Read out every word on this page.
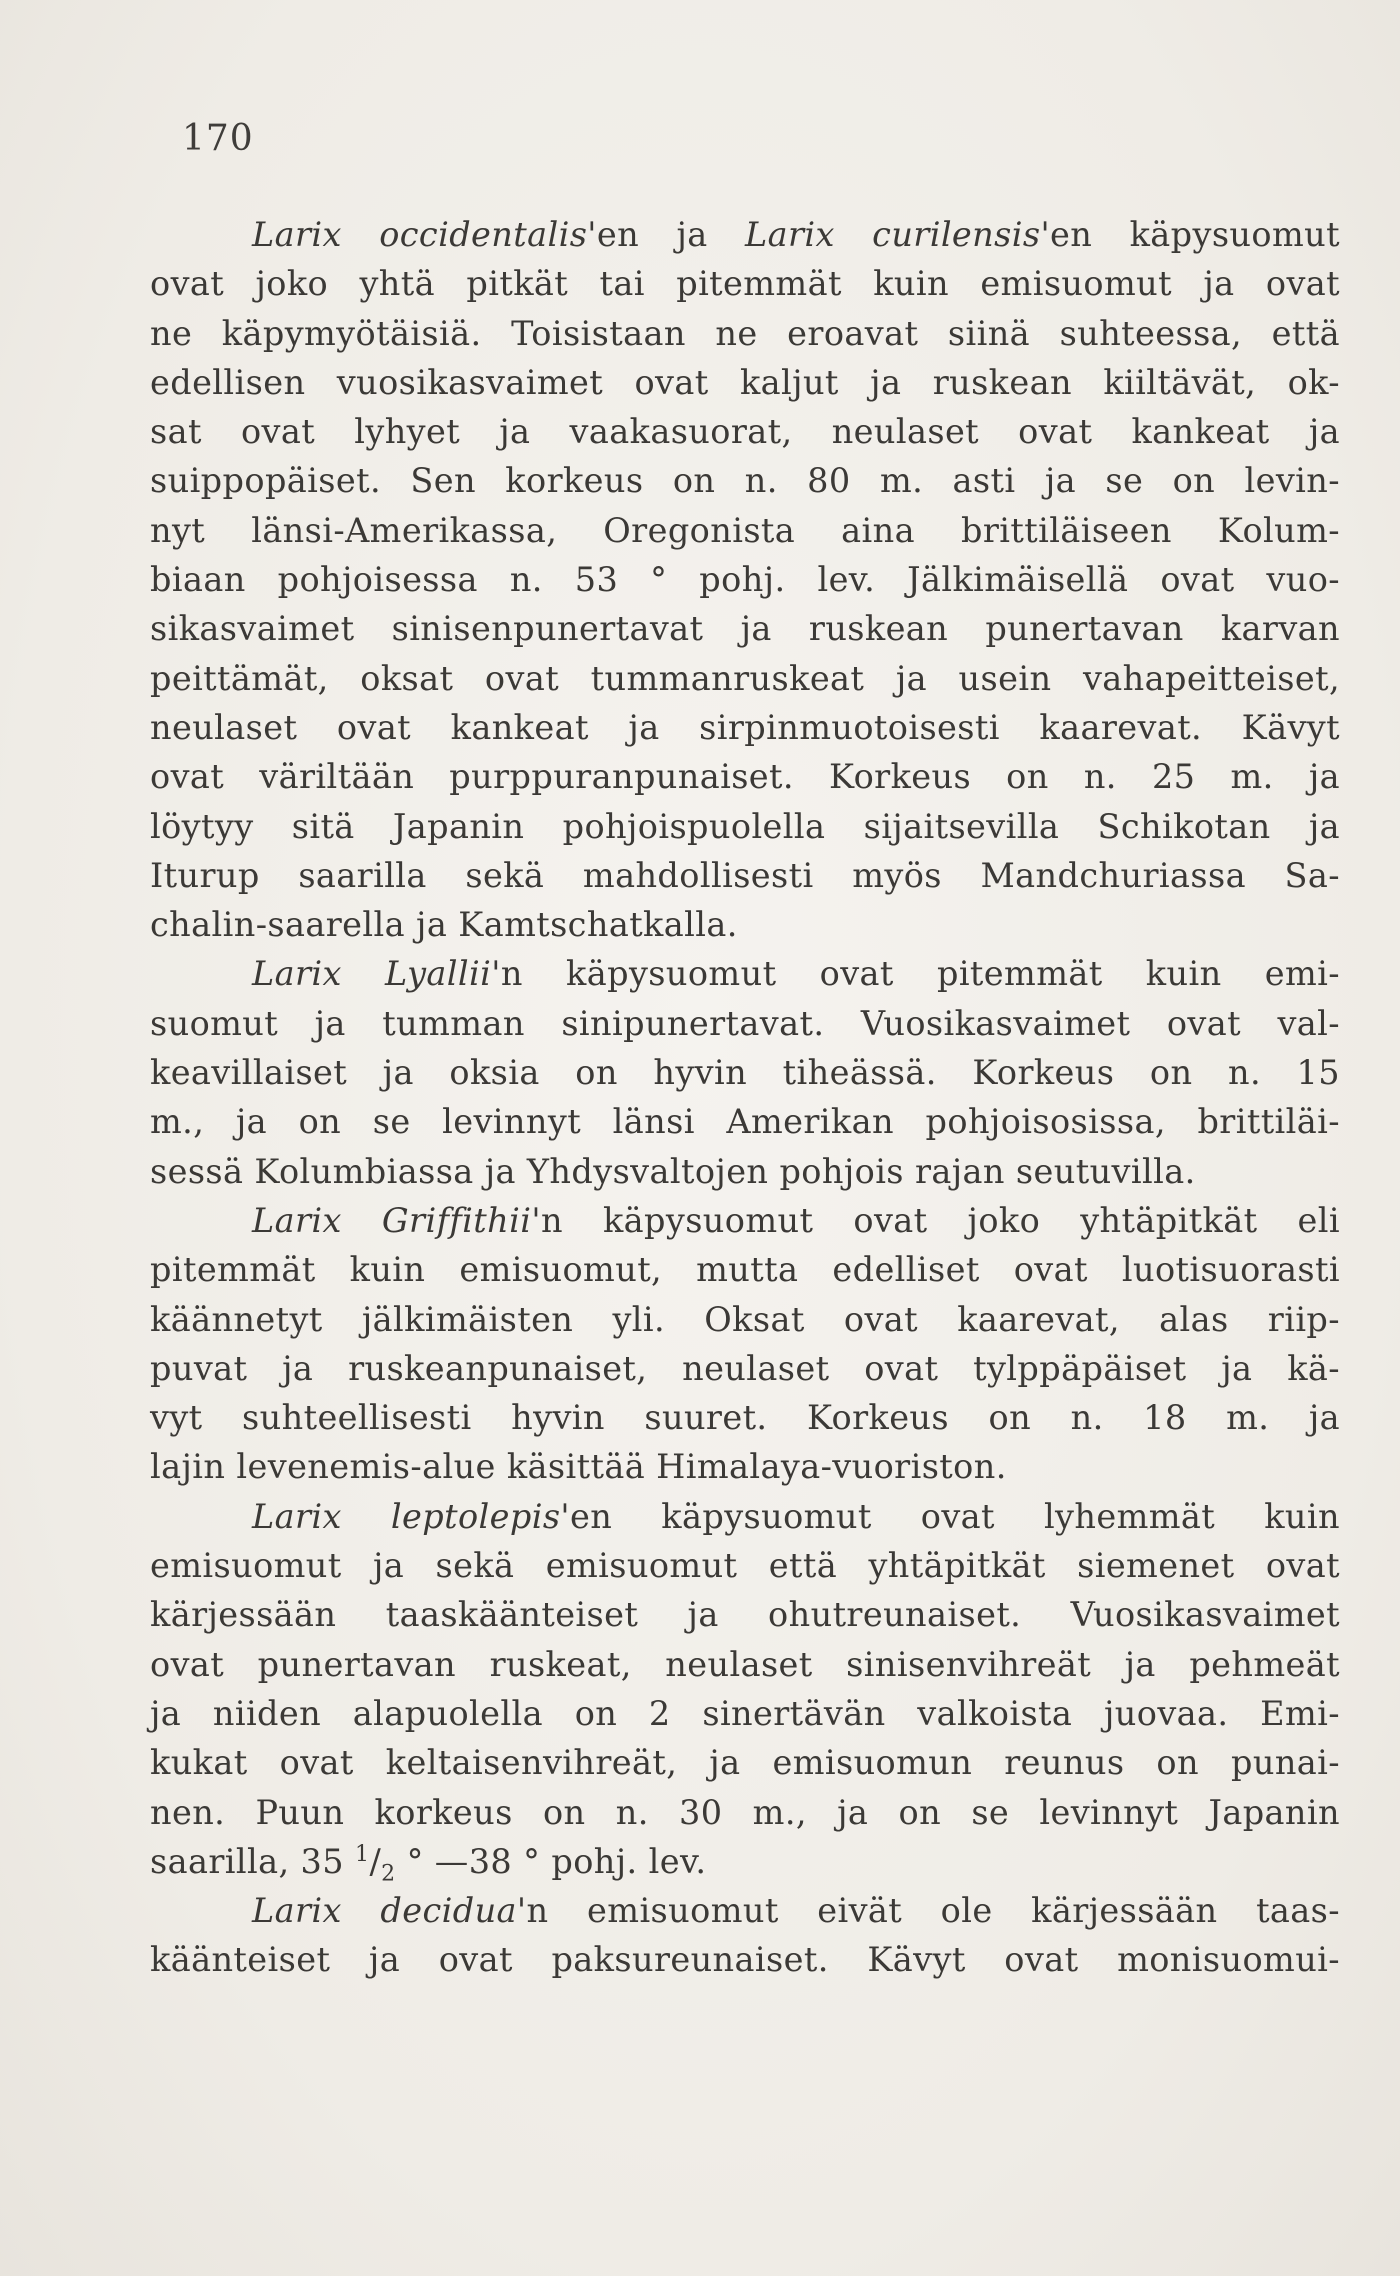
170
Larix occidentalis'en ja Larix curilensis'en käpysuomut
ovat joko yhtä pitkät tai pitemmät kuin emisuomut ja ovat
ne käpymyötäisiä. Toisistaan ne eroavat siinä suhteessa, että
edellisen vuosikasvaimet ovat kaljut ja ruskean kiiltävät, ok-
sat ovat lyhyet ja vaakasuorat, neulaset ovat kankeat ja
suippopäiset. Sen korkeus on n. 80 m. asti ja se on levin-
nyt länsi-Amerikassa, Oregonista aina brittiläiseen Kolum-
biaan pohjoisessa n. 53 ° pohj. lev. Jälkimäisellä ovat vuo-
sikasvaimet sinisenpunertavat ja ruskean punertavan karvan
peittämät, oksat ovat tummanruskeat ja usein vahapeitteiset,
neulaset ovat kankeat ja sirpinmuotoisesti kaarevat. Kävyt
ovat väriltään purppuranpunaiset. Korkeus on n. 25 m. ja
löytyy sitä Japanin pohjoispuolella sijaitsevilla Schikotan ja
Iturup saarilla sekä mahdollisesti myös Mandchuriassa Sa-
chalin-saarella ja Kamtschatkalla.
Larix Lyallii'n käpysuomut ovat pitemmät kuin emi-
suomut ja tumman sinipunertavat. Vuosikasvaimet ovat val-
keavillaiset ja oksia on hyvin tiheässä. Korkeus on n. 15
m., ja on se levinnyt länsi Amerikan pohjoisosissa, brittiläi-
sessä Kolumbiassa ja Yhdysvaltojen pohjois rajan seutuvilla.
Larix Griffithii'n käpysuomut ovat joko yhtäpitkät eli
pitemmät kuin emisuomut, mutta edelliset ovat luotisuorasti
käännetyt jälkimäisten yli. Oksat ovat kaarevat, alas riip-
puvat ja ruskeanpunaiset, neulaset ovat tylppäpäiset ja kä-
vyt suhteellisesti hyvin suuret. Korkeus on n. 18 m. ja
lajin levenemis-alue käsittää Himalaya-vuoriston.
Larix leptolepis'en käpysuomut ovat lyhemmät kuin
emisuomut ja sekä emisuomut että yhtäpitkät siemenet ovat
kärjessään taaskäänteiset ja ohutreunaiset. Vuosikasvaimet
ovat punertavan ruskeat, neulaset sinisenvihreät ja pehmeät
ja niiden alapuolella on 2 sinertävän valkoista juovaa. Emi-
kukat ovat keltaisenvihreät, ja emisuomun reunus on punai-
nen. Puun korkeus on n. 30 m., ja on se levinnyt Japanin
saarilla, 35 $^1/_2$ ° —38 ° pohj. lev.
Larix decidua'n emisuomut eivät ole kärjessään taas-
käänteiset ja ovat paksureunaiset. Kävyt ovat monisuomui-
